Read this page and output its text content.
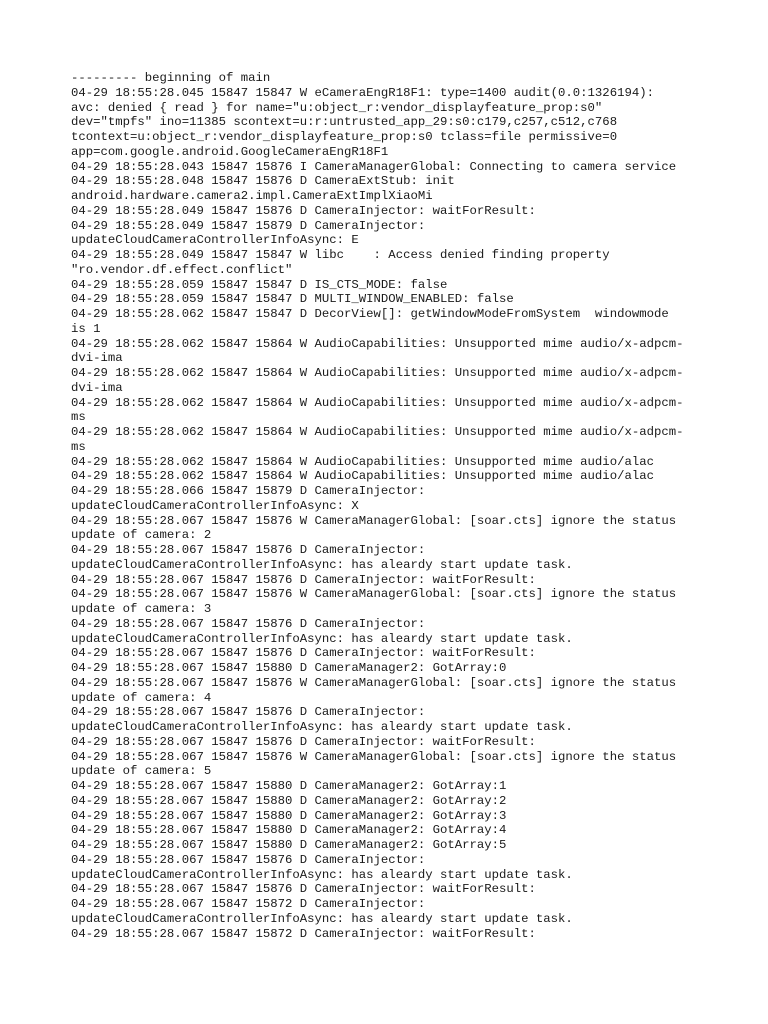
--------- beginning of main
04-29 18:55:28.045 15847 15847 W eCameraEngR18F1: type=1400 audit(0.0:1326194):
avc: denied { read } for name="u:object_r:vendor_displayfeature_prop:s0"
dev="tmpfs" ino=11385 scontext=u:r:untrusted_app_29:s0:c179,c257,c512,c768
tcontext=u:object_r:vendor_displayfeature_prop:s0 tclass=file permissive=0
app=com.google.android.GoogleCameraEngR18F1
04-29 18:55:28.043 15847 15876 I CameraManagerGlobal: Connecting to camera service
04-29 18:55:28.048 15847 15876 D CameraExtStub: init
android.hardware.camera2.impl.CameraExtImplXiaoMi
04-29 18:55:28.049 15847 15876 D CameraInjector: waitForResult:
04-29 18:55:28.049 15847 15879 D CameraInjector:
updateCloudCameraControllerInfoAsync: E
04-29 18:55:28.049 15847 15847 W libc    : Access denied finding property
"ro.vendor.df.effect.conflict"
04-29 18:55:28.059 15847 15847 D IS_CTS_MODE: false
04-29 18:55:28.059 15847 15847 D MULTI_WINDOW_ENABLED: false
04-29 18:55:28.062 15847 15847 D DecorView[]: getWindowModeFromSystem  windowmode
is 1
04-29 18:55:28.062 15847 15864 W AudioCapabilities: Unsupported mime audio/x-adpcm-
dvi-ima
04-29 18:55:28.062 15847 15864 W AudioCapabilities: Unsupported mime audio/x-adpcm-
dvi-ima
04-29 18:55:28.062 15847 15864 W AudioCapabilities: Unsupported mime audio/x-adpcm-
ms
04-29 18:55:28.062 15847 15864 W AudioCapabilities: Unsupported mime audio/x-adpcm-
ms
04-29 18:55:28.062 15847 15864 W AudioCapabilities: Unsupported mime audio/alac
04-29 18:55:28.062 15847 15864 W AudioCapabilities: Unsupported mime audio/alac
04-29 18:55:28.066 15847 15879 D CameraInjector:
updateCloudCameraControllerInfoAsync: X
04-29 18:55:28.067 15847 15876 W CameraManagerGlobal: [soar.cts] ignore the status
update of camera: 2
04-29 18:55:28.067 15847 15876 D CameraInjector:
updateCloudCameraControllerInfoAsync: has aleardy start update task.
04-29 18:55:28.067 15847 15876 D CameraInjector: waitForResult:
04-29 18:55:28.067 15847 15876 W CameraManagerGlobal: [soar.cts] ignore the status
update of camera: 3
04-29 18:55:28.067 15847 15876 D CameraInjector:
updateCloudCameraControllerInfoAsync: has aleardy start update task.
04-29 18:55:28.067 15847 15876 D CameraInjector: waitForResult:
04-29 18:55:28.067 15847 15880 D CameraManager2: GotArray:0
04-29 18:55:28.067 15847 15876 W CameraManagerGlobal: [soar.cts] ignore the status
update of camera: 4
04-29 18:55:28.067 15847 15876 D CameraInjector:
updateCloudCameraControllerInfoAsync: has aleardy start update task.
04-29 18:55:28.067 15847 15876 D CameraInjector: waitForResult:
04-29 18:55:28.067 15847 15876 W CameraManagerGlobal: [soar.cts] ignore the status
update of camera: 5
04-29 18:55:28.067 15847 15880 D CameraManager2: GotArray:1
04-29 18:55:28.067 15847 15880 D CameraManager2: GotArray:2
04-29 18:55:28.067 15847 15880 D CameraManager2: GotArray:3
04-29 18:55:28.067 15847 15880 D CameraManager2: GotArray:4
04-29 18:55:28.067 15847 15880 D CameraManager2: GotArray:5
04-29 18:55:28.067 15847 15876 D CameraInjector:
updateCloudCameraControllerInfoAsync: has aleardy start update task.
04-29 18:55:28.067 15847 15876 D CameraInjector: waitForResult:
04-29 18:55:28.067 15847 15872 D CameraInjector:
updateCloudCameraControllerInfoAsync: has aleardy start update task.
04-29 18:55:28.067 15847 15872 D CameraInjector: waitForResult:
